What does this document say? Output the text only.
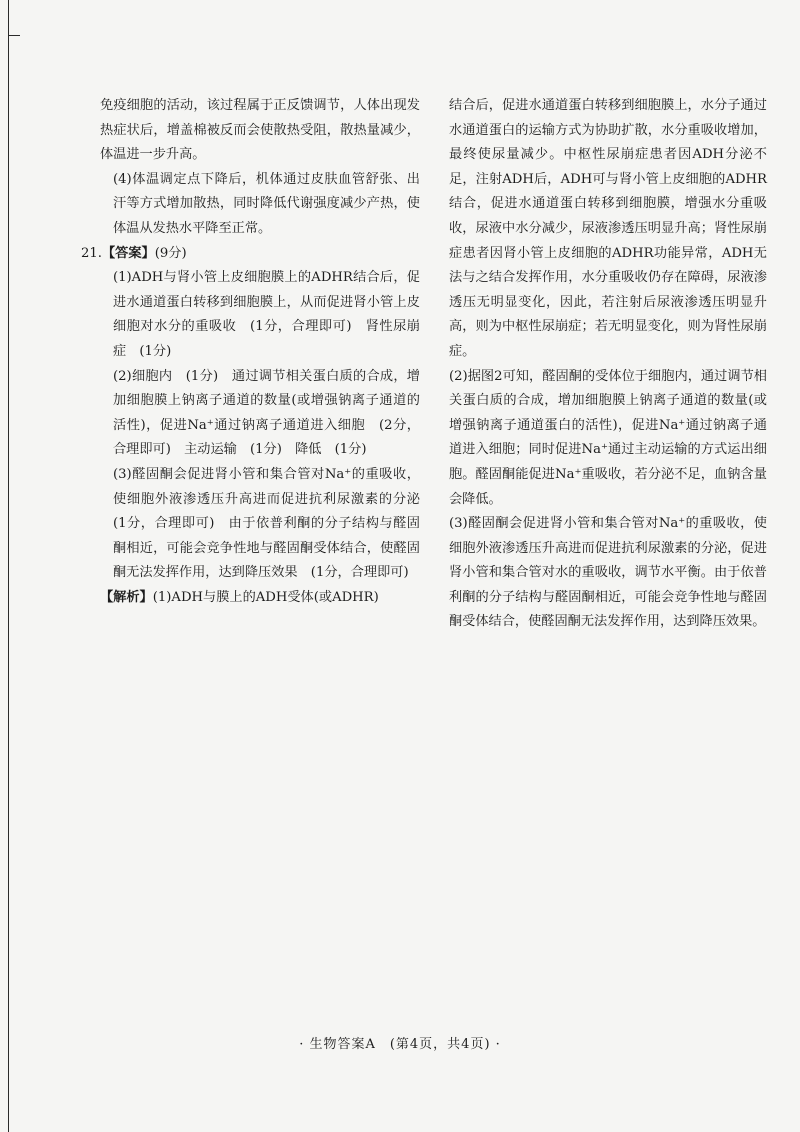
免疫细胞的活动，该过程属于正反馈调节，人体出现发热症状后，增盖棉被反而会使散热受阻，散热量减少，体温进一步升高。

(4)体温调定点下降后，机体通过皮肤血管舒张、出汗等方式增加散热，同时降低代谢强度减少产热，使体温从发热水平降至正常。

21.【答案】(9分)

(1)ADH与肾小管上皮细胞膜上的ADHR结合后，促进水通道蛋白转移到细胞膜上，从而促进肾小管上皮细胞对水分的重吸收　(1分，合理即可)　肾性尿崩症　(1分)

(2)细胞内　(1分)　通过调节相关蛋白质的合成，增加细胞膜上钠离子通道的数量(或增强钠离子通道的活性)，促进Na⁺通过钠离子通道进入细胞　(2分，合理即可)　主动运输　(1分)　降低　(1分)

(3)醛固酮会促进肾小管和集合管对Na⁺的重吸收，使细胞外液渗透压升高进而促进抗利尿激素的分泌　(1分，合理即可)　由于依普利酮的分子结构与醛固酮相近，可能会竞争性地与醛固酮受体结合，使醛固酮无法发挥作用，达到降压效果　(1分，合理即可)

【解析】(1)ADH与膜上的ADH受体(或ADHR)

结合后，促进水通道蛋白转移到细胞膜上，水分子通过水通道蛋白的运输方式为协助扩散，水分重吸收增加，最终使尿量减少。中枢性尿崩症患者因ADH分泌不足，注射ADH后，ADH可与肾小管上皮细胞的ADHR结合，促进水通道蛋白转移到细胞膜，增强水分重吸收，尿液中水分减少，尿液渗透压明显升高；肾性尿崩症患者因肾小管上皮细胞的ADHR功能异常，ADH无法与之结合发挥作用，水分重吸收仍存在障碍，尿液渗透压无明显变化，因此，若注射后尿液渗透压明显升高，则为中枢性尿崩症；若无明显变化，则为肾性尿崩症。

(2)据图2可知，醛固酮的受体位于细胞内，通过调节相关蛋白质的合成，增加细胞膜上钠离子通道的数量(或增强钠离子通道蛋白的活性)，促进Na⁺通过钠离子通道进入细胞；同时促进Na⁺通过主动运输的方式运出细胞。醛固酮能促进Na⁺重吸收，若分泌不足，血钠含量会降低。

(3)醛固酮会促进肾小管和集合管对Na⁺的重吸收，使细胞外液渗透压升高进而促进抗利尿激素的分泌，促进肾小管和集合管对水的重吸收，调节水平衡。由于依普利酮的分子结构与醛固酮相近，可能会竞争性地与醛固酮受体结合，使醛固酮无法发挥作用，达到降压效果。

· 生物答案A　(第4页，共4页) ·
